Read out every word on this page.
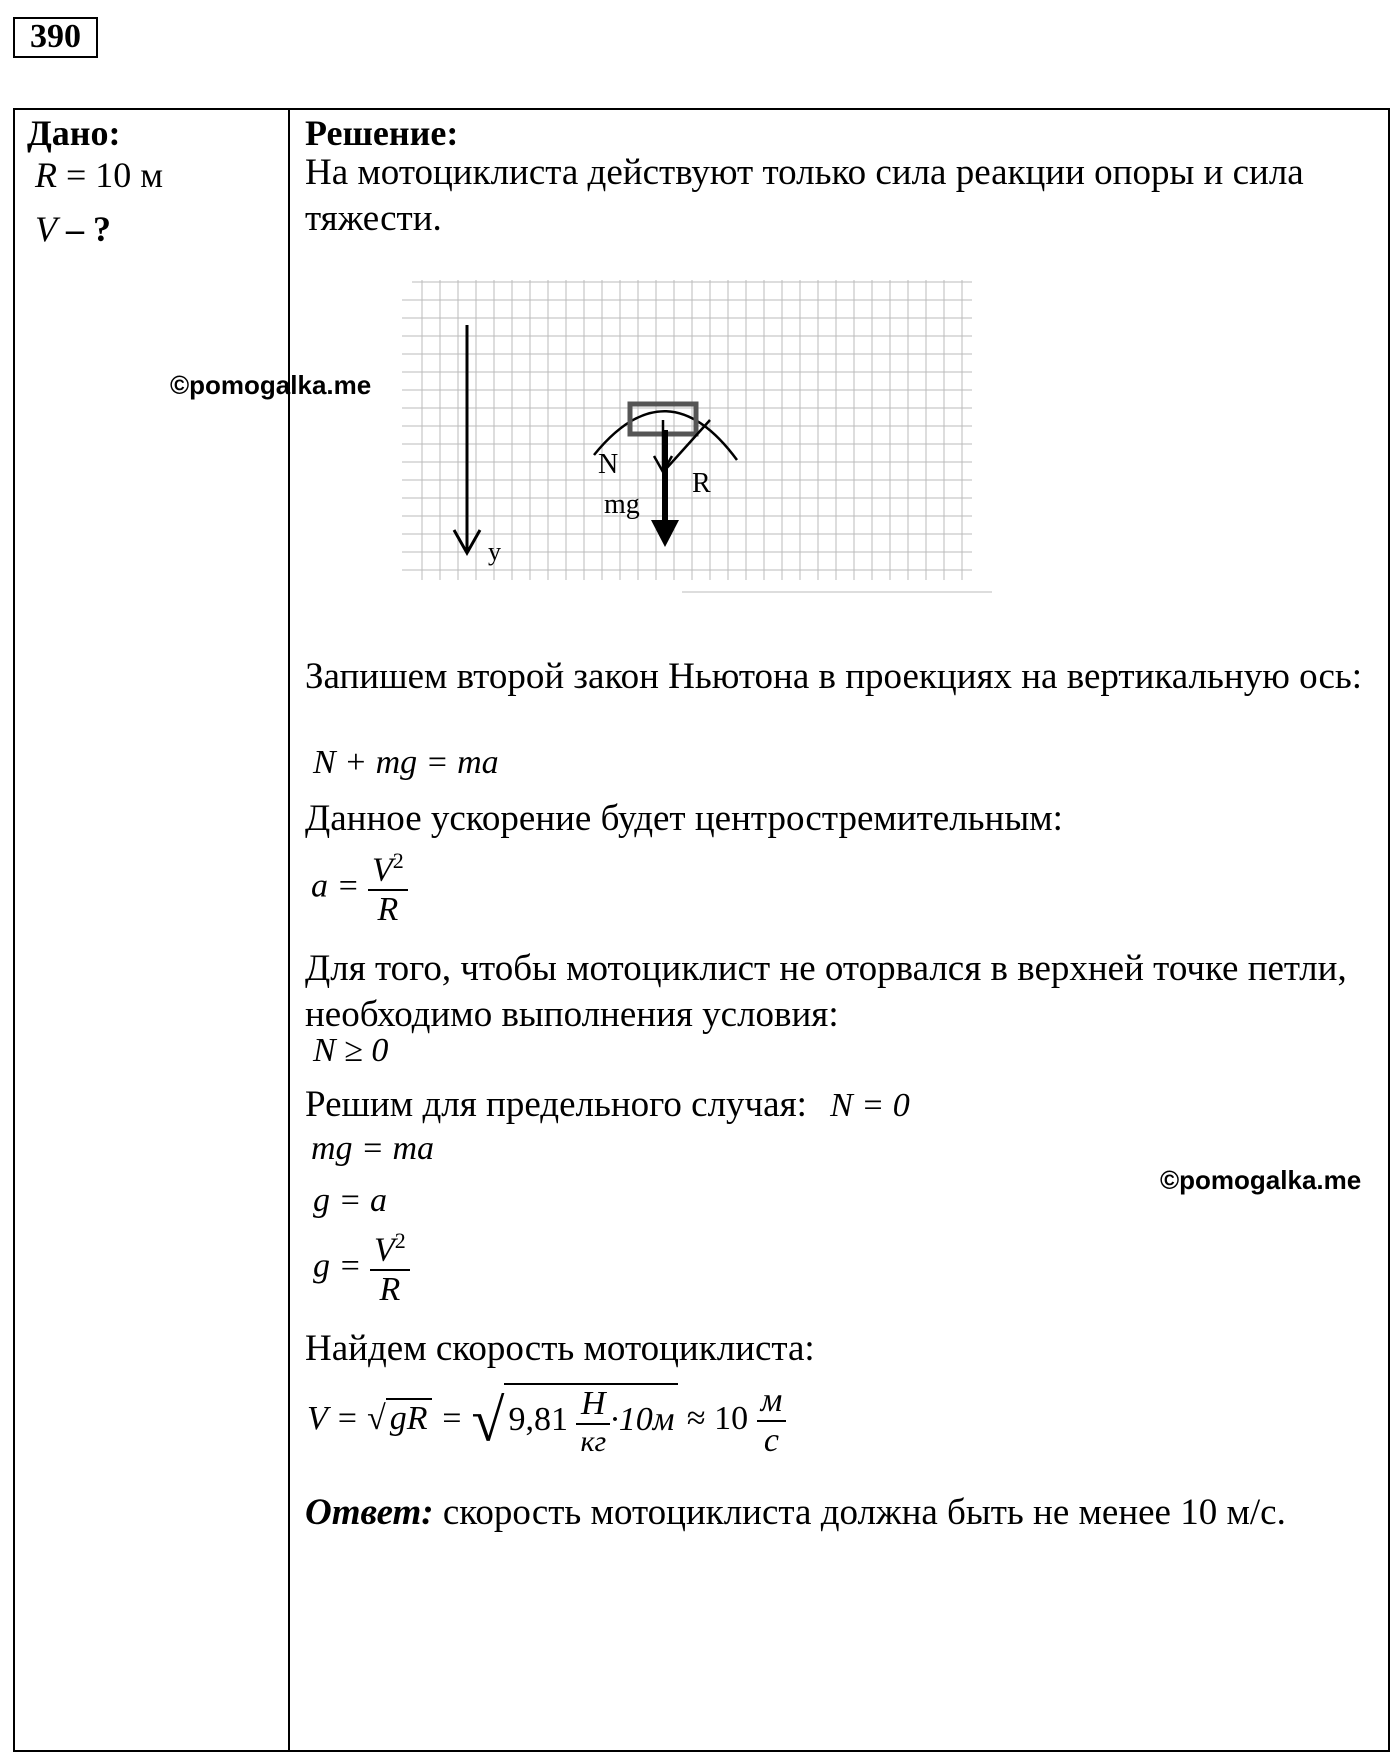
390
Дано:
R = 10 м
V – ?
Решение:
На мотоциклиста действуют только сила реакции опоры и сила тяжести.
y
N
mg
R
Запишем второй закон Ньютона в проекциях на вертикальную ось:
N + mg = ma
Данное ускорение будет центростремительным:
$a = \frac{V^2}{R}$
Для того, чтобы мотоциклист не оторвался в верхней точке петли, необходимо выполнения условия:
N ≥ 0
Решим для предельного случая: N = 0
mg = ma
g = a
$g = \frac{V^2}{R}$
Найдем скорость мотоциклиста:
V = √ gR = √ $9,81 \frac{Н}{кг} \cdot 10м \approx 10 \frac{м}{с}$
Ответ: скорость мотоциклиста должна быть не менее 10 м/с.
©pomogalka.me
©pomogalka.me
